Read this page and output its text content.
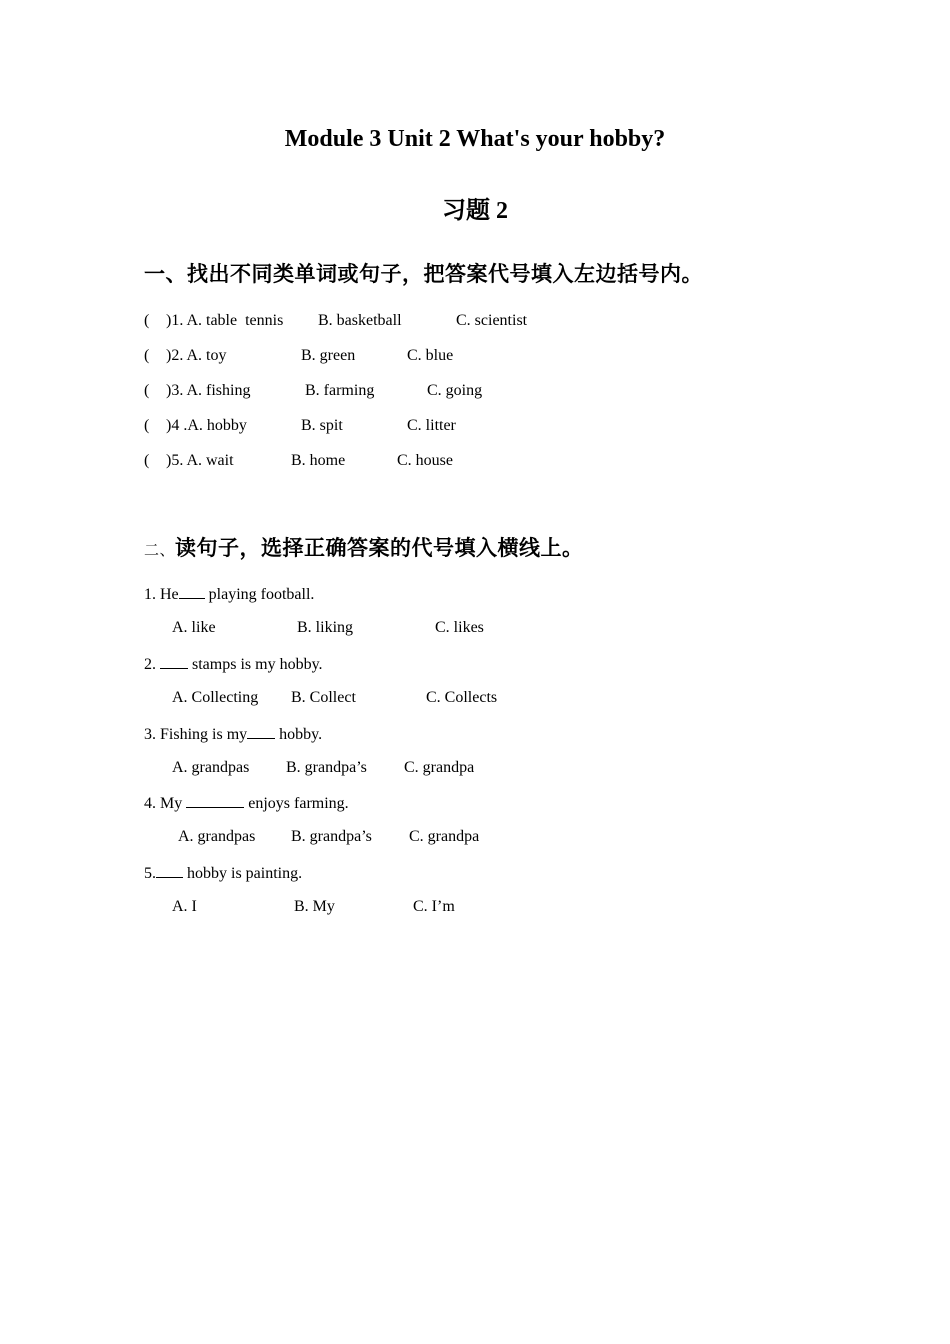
Module 3 Unit 2 What's your hobby?
习题 2
一、找出不同类单词或句子，把答案代号填入左边括号内。
( )1. A. table  tennis B. basketball	C. scientist
( )2. A. toy	B. green	C. blue
( )3. A. fishing	B. farming	C. going
( )4 .A. hobby	B. spit	C. litter
( )5. A. wait	B. home	C. house
二、读句子，选择正确答案的代号填入横线上。
1. He playing football.
A. like	B. liking	C. likes
2.  stamps is my hobby.
A. Collecting B. Collect	C. Collects
3. Fishing is my hobby.
A. grandpas B. grandpa’s C. grandpa
4. My	enjoys farming.
A. grandpas B. grandpa’s C. grandpa
5. hobby is painting.
A. I	B. My	C. I’m
